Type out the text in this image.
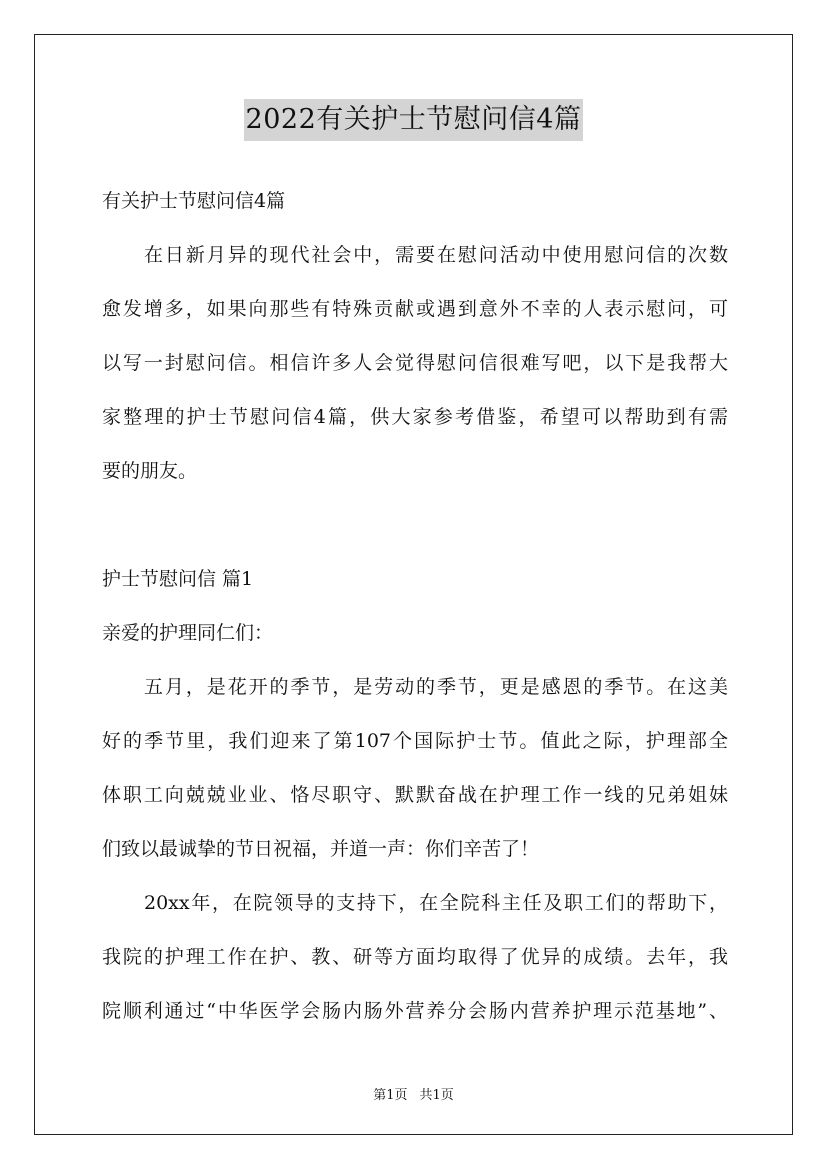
2022有关护士节慰问信4篇
有关护士节慰问信4篇
在日新月异的现代社会中，需要在慰问活动中使用慰问信的次数
愈发增多，如果向那些有特殊贡献或遇到意外不幸的人表示慰问，可
以写一封慰问信。相信许多人会觉得慰问信很难写吧，以下是我帮大
家整理的护士节慰问信4篇，供大家参考借鉴，希望可以帮助到有需
要的朋友。
护士节慰问信 篇1
亲爱的护理同仁们：
五月，是花开的季节，是劳动的季节，更是感恩的季节。在这美
好的季节里，我们迎来了第107个国际护士节。值此之际，护理部全
体职工向兢兢业业、恪尽职守、默默奋战在护理工作一线的兄弟姐妹
们致以最诚挚的节日祝福，并道一声：你们辛苦了！
20xx年，在院领导的支持下，在全院科主任及职工们的帮助下，
我院的护理工作在护、教、研等方面均取得了优异的成绩。去年，我
院顺利通过“中华医学会肠内肠外营养分会肠内营养护理示范基地”、
第1页 共1页
